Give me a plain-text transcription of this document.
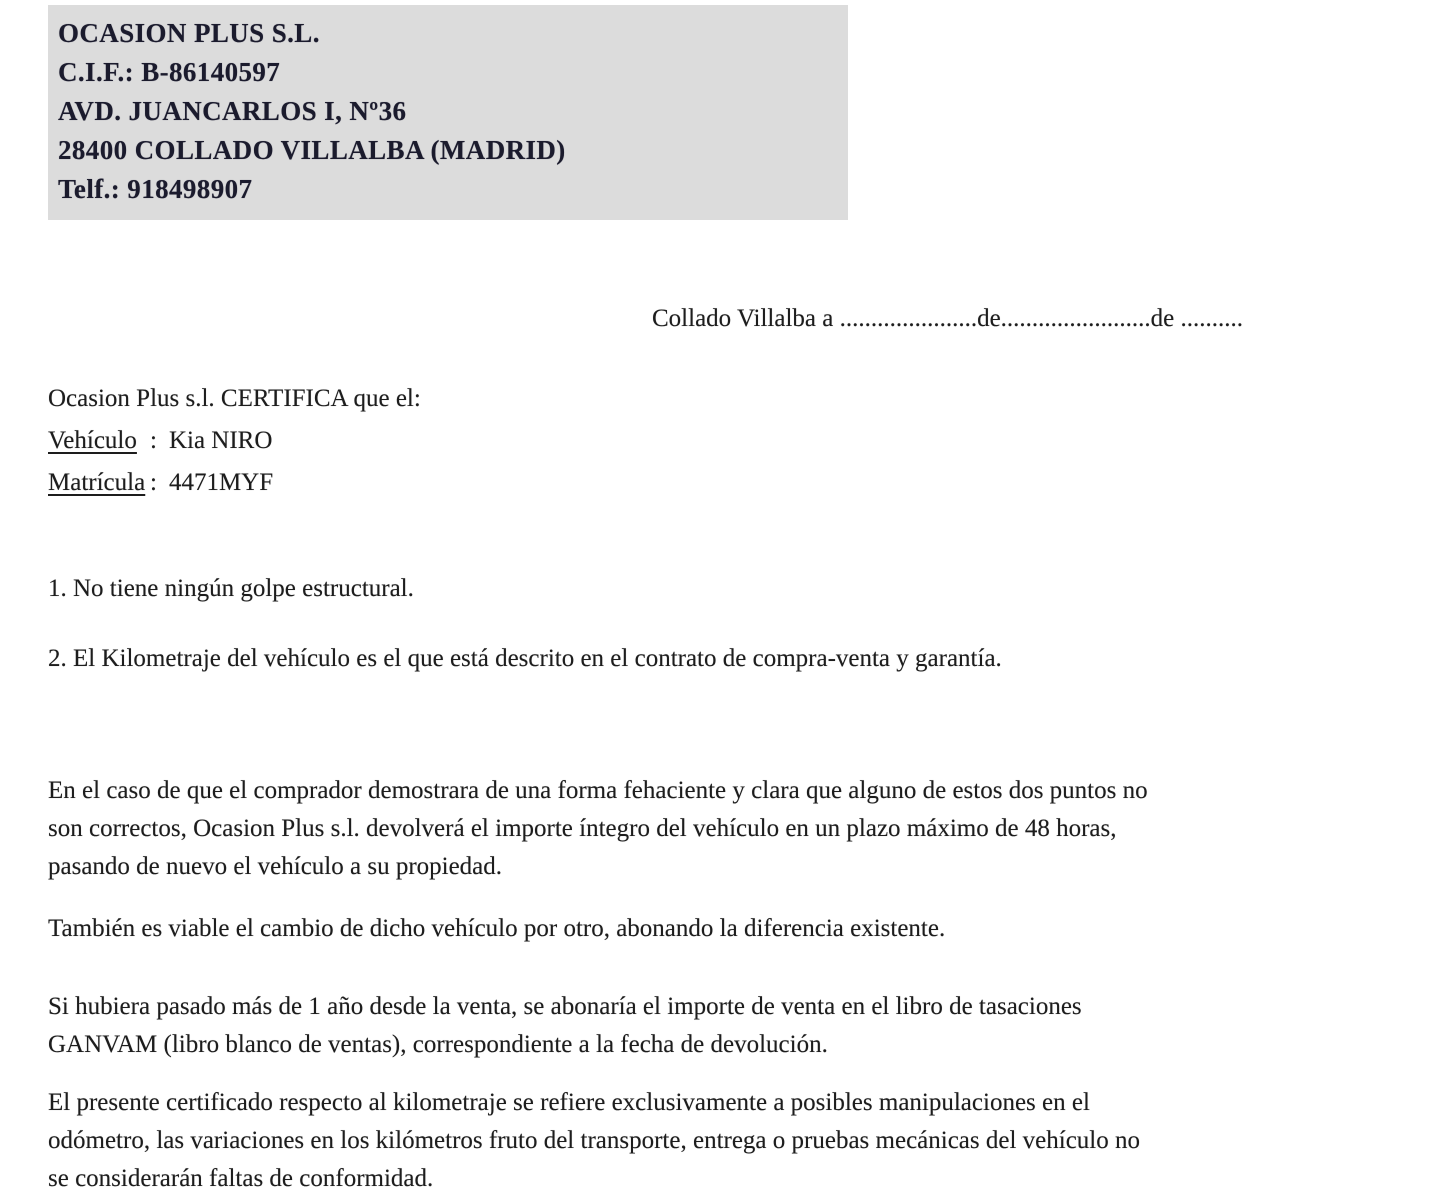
OCASION PLUS S.L.
C.I.F.: B-86140597
AVD. JUANCARLOS I, Nº36
28400 COLLADO VILLALBA (MADRID)
Telf.: 918498907
Collado Villalba a ......................de........................de ..........
Ocasion Plus s.l. CERTIFICA que el:
Vehículo : Kia NIRO
Matrícula : 4471MYF
1. No tiene ningún golpe estructural.
2. El Kilometraje del vehículo es el que está descrito en el contrato de compra-venta y garantía.
En el caso de que el comprador demostrara de una forma fehaciente y clara que alguno de estos dos puntos no
son correctos, Ocasion Plus s.l. devolverá el importe íntegro del vehículo en un plazo máximo de 48 horas,
pasando de nuevo el vehículo a su propiedad.
También es viable el cambio de dicho vehículo por otro, abonando la diferencia existente.
Si hubiera pasado más de 1 año desde la venta, se abonaría el importe de venta en el libro de tasaciones
GANVAM (libro blanco de ventas), correspondiente a la fecha de devolución.
El presente certificado respecto al kilometraje se refiere exclusivamente a posibles manipulaciones en el
odómetro, las variaciones en los kilómetros fruto del transporte, entrega o pruebas mecánicas del vehículo no
se considerarán faltas de conformidad.
